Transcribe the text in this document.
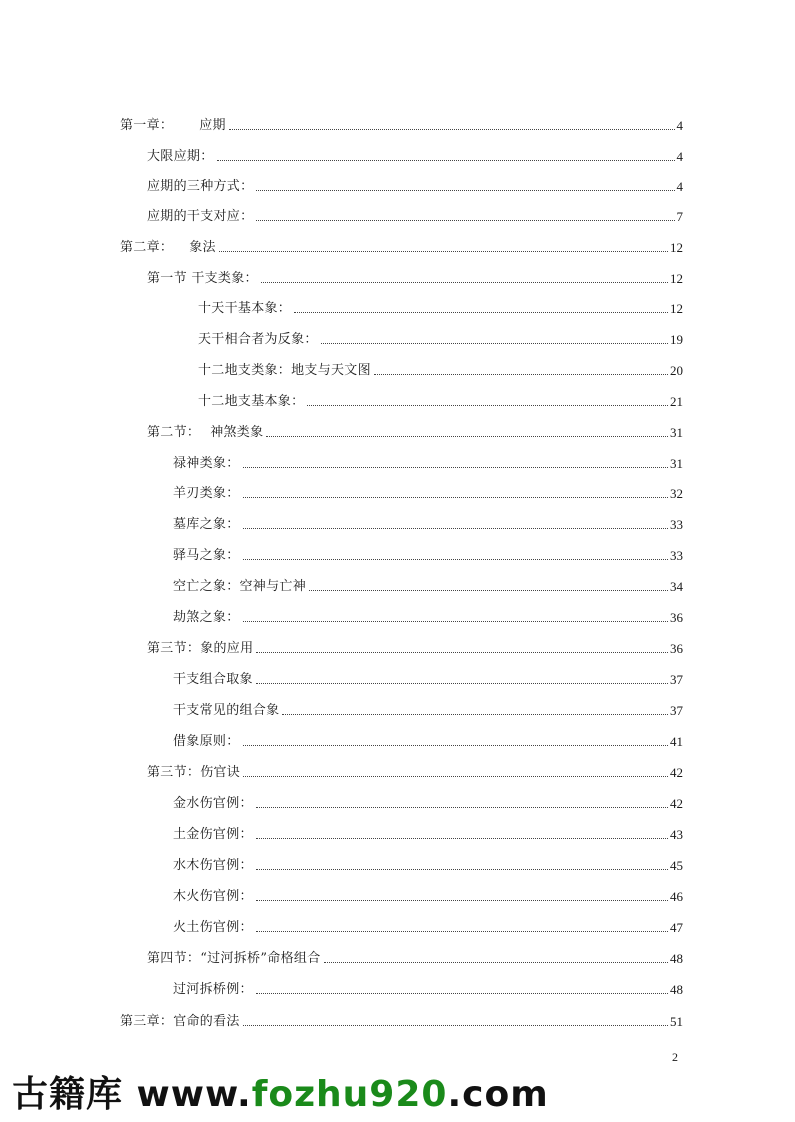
第一章： 应期	4
大限应期：	4
应期的三种方式：	4
应期的干支对应：	7
第二章： 象法	12
第一节 干支类象：	12
十天干基本象：	12
天干相合者为反象：	19
十二地支类象：地支与天文图	20
十二地支基本象：	21
第二节： 神煞类象	31
禄神类象：	31
羊刃类象：	32
墓库之象：	33
驿马之象：	33
空亡之象：空神与亡神	34
劫煞之象：	36
第三节：象的应用	36
干支组合取象	37
干支常见的组合象	37
借象原则：	41
第三节：伤官诀	42
金水伤官例：	42
土金伤官例：	43
水木伤官例：	45
木火伤官例：	46
火土伤官例：	47
第四节：“过河拆桥”命格组合	48
过河拆桥例：	48
第三章：官命的看法	51
2
古籍库 www.fozhu920.com
